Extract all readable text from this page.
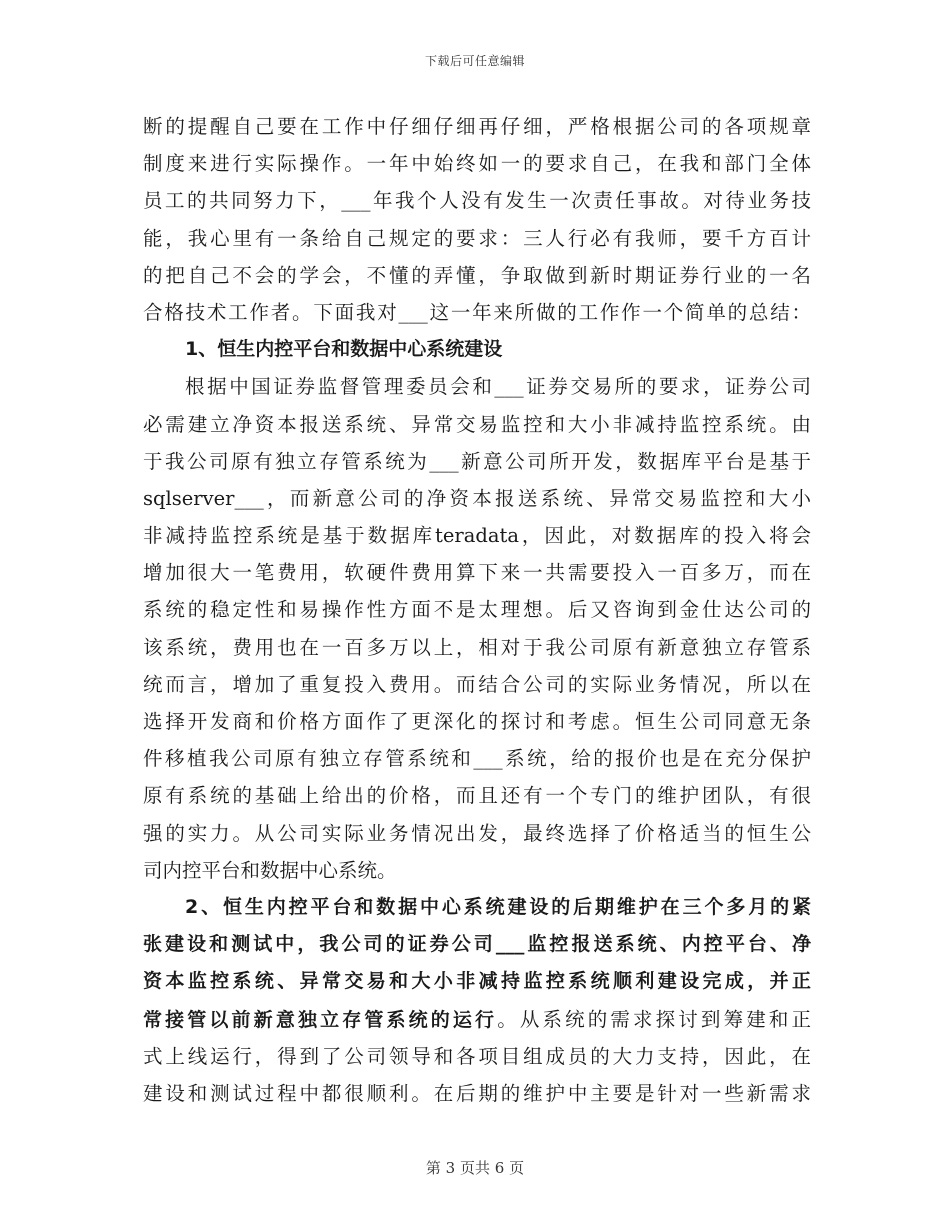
下载后可任意编辑
断的提醒自己要在工作中仔细仔细再仔细，严格根据公司的各项规章
制度来进行实际操作。一年中始终如一的要求自己，在我和部门全体
员工的共同努力下，___年我个人没有发生一次责任事故。对待业务技
能，我心里有一条给自己规定的要求：三人行必有我师，要千方百计
的把自己不会的学会，不懂的弄懂，争取做到新时期证券行业的一名
合格技术工作者。下面我对___这一年来所做的工作作一个简单的总结：
1、恒生内控平台和数据中心系统建设
根据中国证券监督管理委员会和___证券交易所的要求，证券公司
必需建立净资本报送系统、异常交易监控和大小非减持监控系统。由
于我公司原有独立存管系统为___新意公司所开发，数据库平台是基于
sqlserver___，而新意公司的净资本报送系统、异常交易监控和大小
非减持监控系统是基于数据库teradata，因此，对数据库的投入将会
增加很大一笔费用，软硬件费用算下来一共需要投入一百多万，而在
系统的稳定性和易操作性方面不是太理想。后又咨询到金仕达公司的
该系统，费用也在一百多万以上，相对于我公司原有新意独立存管系
统而言，增加了重复投入费用。而结合公司的实际业务情况，所以在
选择开发商和价格方面作了更深化的探讨和考虑。恒生公司同意无条
件移植我公司原有独立存管系统和___系统，给的报价也是在充分保护
原有系统的基础上给出的价格，而且还有一个专门的维护团队，有很
强的实力。从公司实际业务情况出发，最终选择了价格适当的恒生公
司内控平台和数据中心系统。
2、恒生内控平台和数据中心系统建设的后期维护在三个多月的紧
张建设和测试中，我公司的证券公司___监控报送系统、内控平台、净
资本监控系统、异常交易和大小非减持监控系统顺利建设完成，并正
常接管以前新意独立存管系统的运行。从系统的需求探讨到筹建和正
式上线运行，得到了公司领导和各项目组成员的大力支持，因此，在
建设和测试过程中都很顺利。在后期的维护中主要是针对一些新需求
第 3 页共 6 页
